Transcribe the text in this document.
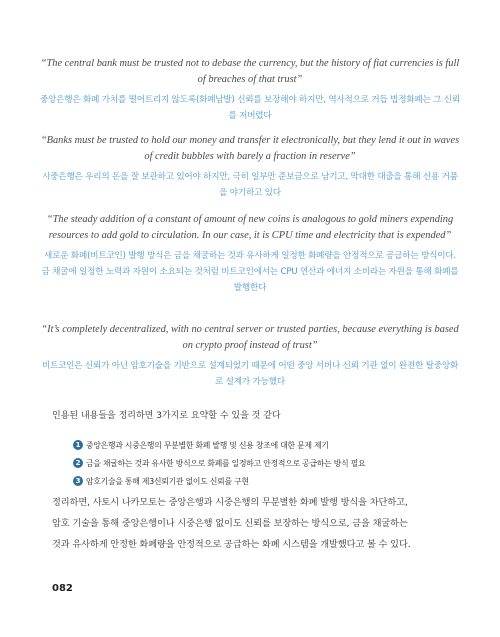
“The central bank must be trusted not to debase the currency, but the history of fiat currencies is full of breaches of that trust”

중앙은행은 화폐 가치를 떨어트리지 않도록(화폐남발) 신뢰를 보장해야 하지만, 역사적으로 거듭 법정화폐는 그 신뢰를 저버렸다

“Banks must be trusted to hold our money and transfer it electronically, but they lend it out in waves of credit bubbles with barely a fraction in reserve”

시중은행은 우리의 돈을 잘 보관하고 있어야 하지만, 극히 일부만 준보금으로 남기고, 막대한 대출을 통해 신용 거품을 야기하고 있다

“The steady addition of a constant of amount of new coins is analogous to gold miners expending resources to add gold to circulation. In our case, it is CPU time and electricity that is expended”

새로운 화폐(비트코인) 발행 방식은 금을 채굴하는 것과 유사하게 일정한 화폐량을 안정적으로 공급하는 방식이다. 금 채굴에 일정한 노력과 자원이 소요되는 것처럼 비트코인에서는 CPU 연산과 에너지 소비라는 자원을 통해 화폐를 발행한다

“It’s completely decentralized, with no central server or trusted parties, because everything is based on crypto proof instead of trust”

비트코인은 신뢰가 아닌 암호기술을 기반으로 설계되었기 때문에 어떤 중앙 서버나 신뢰 기관 없이 완전한 탈중앙화로 설계가 가능했다

인용된 내용들을 정리하면 3가지로 요약할 수 있을 것 같다

1 중앙은행과 시중은행의 무분별한 화폐 발행 및 신용 창조에 대한 문제 제기
2 금을 채굴하는 것과 유사한 방식으로 화폐를 일정하고 안정적으로 공급하는 방식 필요
3 암호기술을 통해 제3신뢰기관 없이도 신뢰를 구현

정리하면, 사토시 나카모토는 중앙은행과 시중은행의 무분별한 화폐 발행 방식을 차단하고,
암호 기술을 통해 중앙은행이나 시중은행 없이도 신뢰를 보장하는 방식으로, 금을 채굴하는
것과 유사하게 안정한 화폐량을 안정적으로 공급하는 화폐 시스템을 개발했다고 볼 수 있다.

082
